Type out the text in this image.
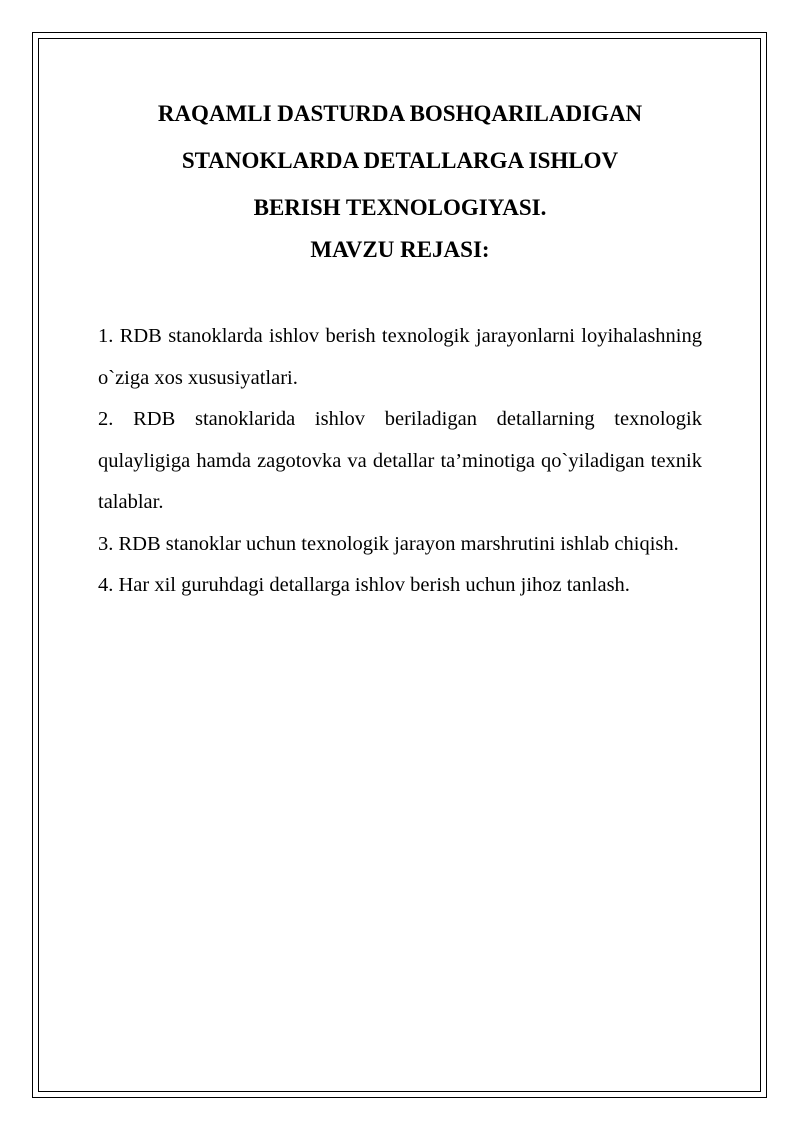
RAQAMLI DASTURDA BOSHQARILADIGAN

STANOKLARDA DETALLARGA ISHLOV

BERISH TEXNOLOGIYASI.

MAVZU REJASI:

1. RDB stanoklarda ishlov berish texnologik jarayonlarni loyihalashning o`ziga xos xususiyatlari.

2. RDB stanoklarida ishlov beriladigan detallarning texnologik qulayligiga hamda zagotovka va detallar ta’minotiga qo`yiladigan texnik talablar.

3. RDB stanoklar uchun texnologik jarayon marshrutini ishlab chiqish.

4. Har xil guruhdagi detallarga ishlov berish uchun jihoz tanlash.
